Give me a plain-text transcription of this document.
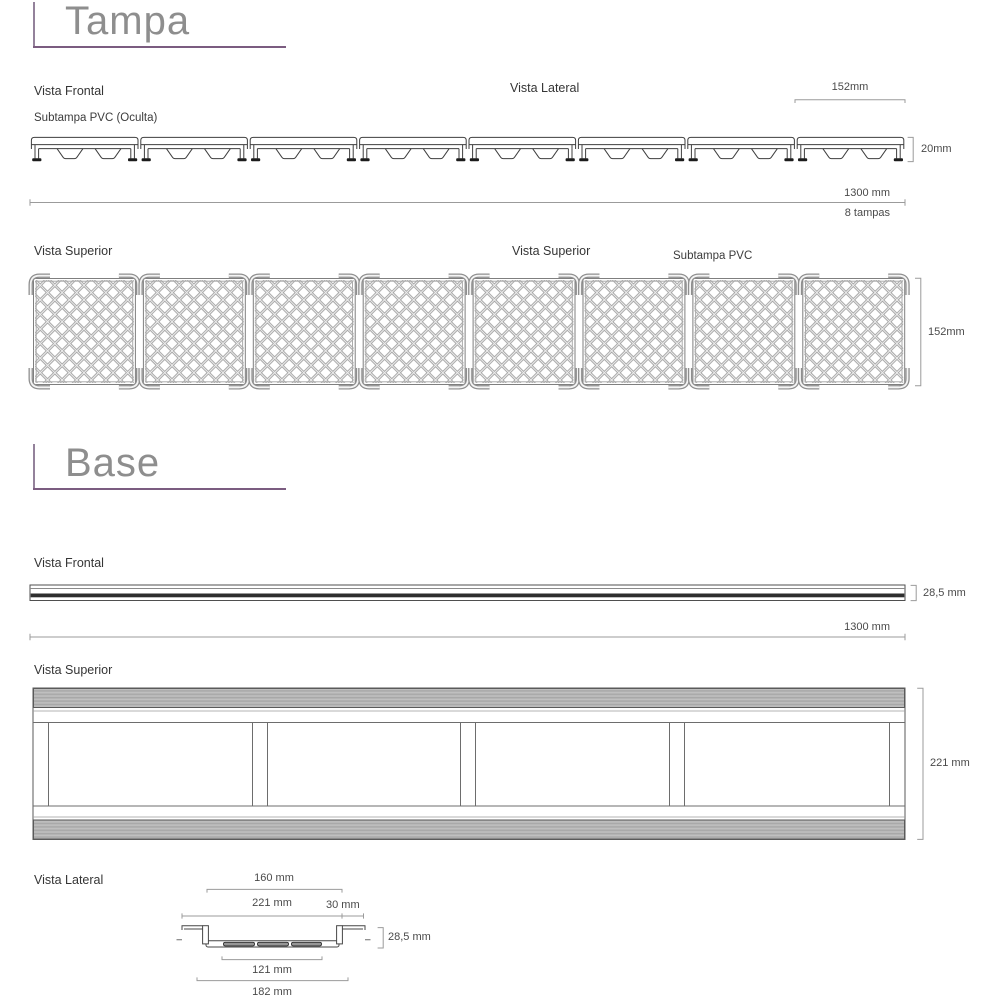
Tampa
Vista Frontal	Vista Lateral	152mm
Subtampa PVC (Oculta)
20mm
1300 mm
8 tampas
Vista Superior	Vista Superior	Subtampa PVC
152mm
Base
Vista Frontal
28,5 mm
1300 mm
Vista Superior
221 mm
Vista Lateral	160 mm
221 mm	30 mm
28,5 mm
121 mm
182 mm
